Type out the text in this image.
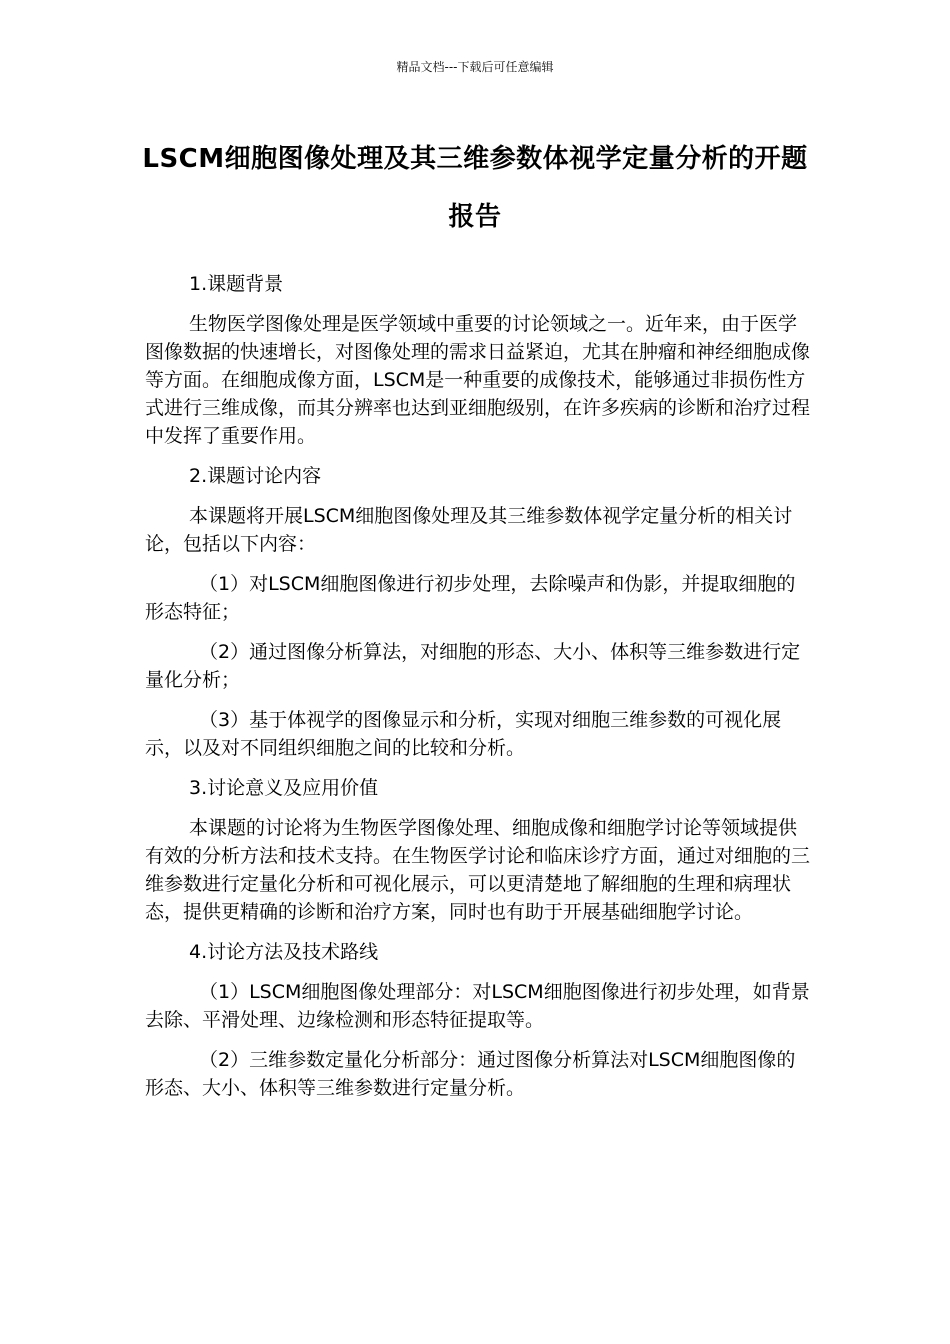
精品文档---下载后可任意编辑
LSCM细胞图像处理及其三维参数体视学定量分析的开题报告

1.课题背景

生物医学图像处理是医学领域中重要的讨论领域之一。近年来，由于医学图像数据的快速增长，对图像处理的需求日益紧迫，尤其在肿瘤和神经细胞成像等方面。在细胞成像方面，LSCM是一种重要的成像技术，能够通过非损伤性方式进行三维成像，而其分辨率也达到亚细胞级别，在许多疾病的诊断和治疗过程中发挥了重要作用。

2.课题讨论内容

本课题将开展LSCM细胞图像处理及其三维参数体视学定量分析的相关讨论，包括以下内容：

（1）对LSCM细胞图像进行初步处理，去除噪声和伪影，并提取细胞的形态特征；

（2）通过图像分析算法，对细胞的形态、大小、体积等三维参数进行定量化分析；

（3）基于体视学的图像显示和分析，实现对细胞三维参数的可视化展示，以及对不同组织细胞之间的比较和分析。

3.讨论意义及应用价值

本课题的讨论将为生物医学图像处理、细胞成像和细胞学讨论等领域提供有效的分析方法和技术支持。在生物医学讨论和临床诊疗方面，通过对细胞的三维参数进行定量化分析和可视化展示，可以更清楚地了解细胞的生理和病理状态，提供更精确的诊断和治疗方案，同时也有助于开展基础细胞学讨论。

4.讨论方法及技术路线

（1）LSCM细胞图像处理部分：对LSCM细胞图像进行初步处理，如背景去除、平滑处理、边缘检测和形态特征提取等。

（2）三维参数定量化分析部分：通过图像分析算法对LSCM细胞图像的形态、大小、体积等三维参数进行定量分析。
